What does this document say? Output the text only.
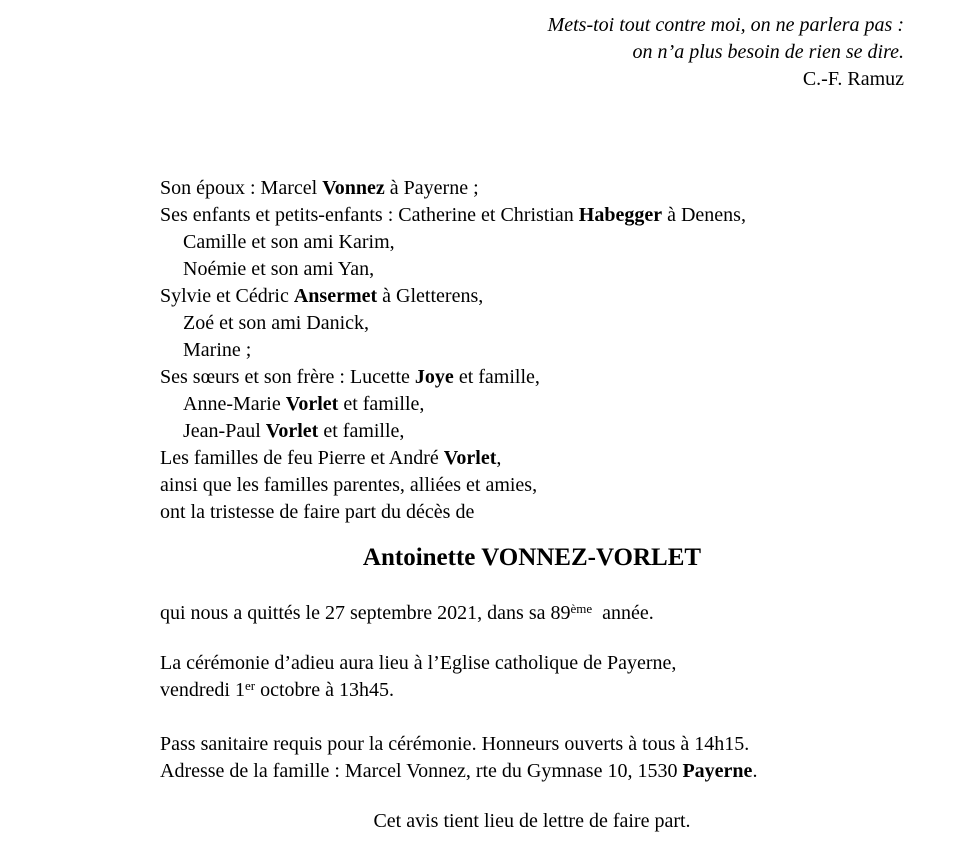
Mets-toi tout contre moi, on ne parlera pas :
on n’a plus besoin de rien se dire.
C.-F. Ramuz
Son époux : Marcel Vonnez à Payerne ;
Ses enfants et petits-enfants : Catherine et Christian Habegger à Denens,
Camille et son ami Karim,
Noémie et son ami Yan,
Sylvie et Cédric Ansermet à Gletterens,
Zoé et son ami Danick,
Marine ;
Ses sœurs et son frère : Lucette Joye et famille,
Anne-Marie Vorlet et famille,
Jean-Paul Vorlet et famille,
Les familles de feu Pierre et André Vorlet,
ainsi que les familles parentes, alliées et amies,
ont la tristesse de faire part du décès de
Antoinette VONNEZ-VORLET
qui nous a quittés le 27 septembre 2021, dans sa 89ème  année.
La cérémonie d’adieu aura lieu à l’Eglise catholique de Payerne,
vendredi 1er octobre à 13h45.
Pass sanitaire requis pour la cérémonie. Honneurs ouverts à tous à 14h15.
Adresse de la famille : Marcel Vonnez, rte du Gymnase 10, 1530 Payerne.
Cet avis tient lieu de lettre de faire part.
